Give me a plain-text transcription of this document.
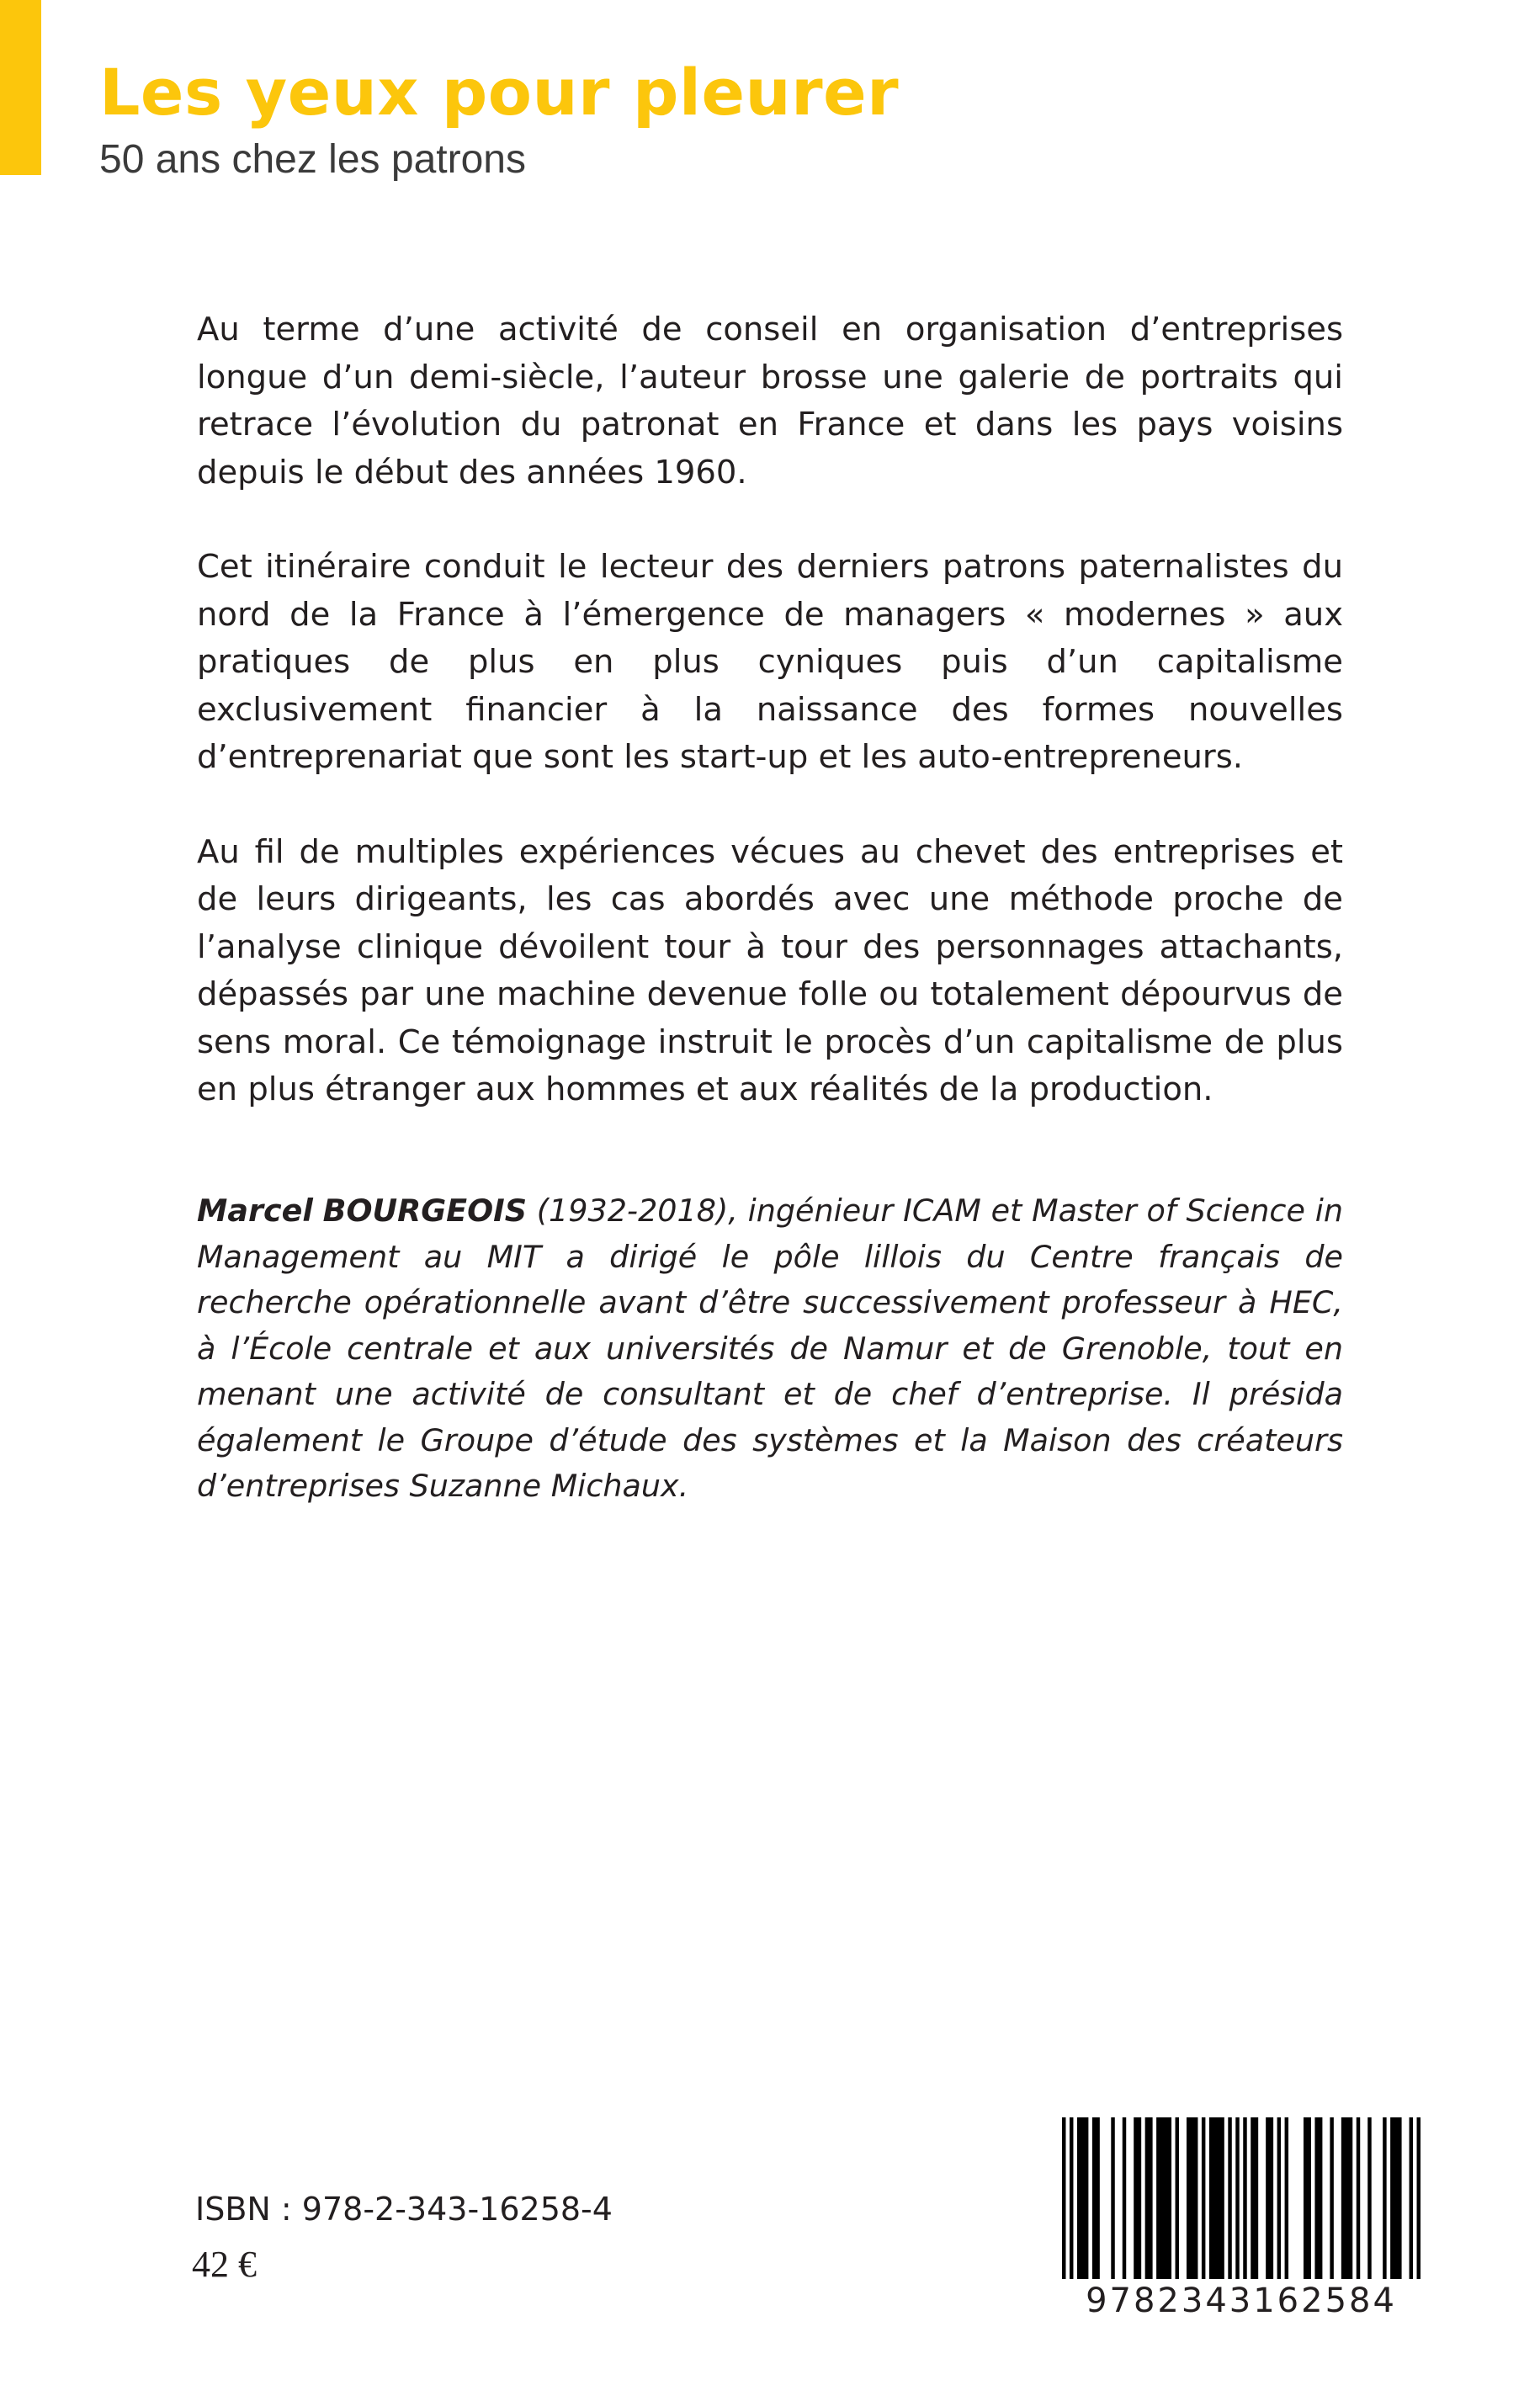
Les yeux pour pleurer
50 ans chez les patrons

Au terme d’une activité de conseil en organisation d’entreprises longue d’un demi-siècle, l’auteur brosse une galerie de portraits qui retrace l’évolution du patronat en France et dans les pays voisins depuis le début des années 1960.

Cet itinéraire conduit le lecteur des derniers patrons paternalistes du nord de la France à l’émergence de managers « modernes » aux pratiques de plus en plus cyniques puis d’un capitalisme exclusivement financier à la naissance des formes nouvelles d’entreprenariat que sont les start-up et les auto-entrepreneurs.

Au fil de multiples expériences vécues au chevet des entreprises et de leurs dirigeants, les cas abordés avec une méthode proche de l’analyse clinique dévoilent tour à tour des personnages attachants, dépassés par une machine devenue folle ou totalement dépourvus de sens moral. Ce témoignage instruit le procès d’un capitalisme de plus en plus étranger aux hommes et aux réalités de la production.

Marcel BOURGEOIS (1932-2018), ingénieur ICAM et Master of Science in Management au MIT a dirigé le pôle lillois du Centre français de recherche opérationnelle avant d’être successivement professeur à HEC, à l’École centrale et aux universités de Namur et de Grenoble, tout en menant une activité de consultant et de chef d’entreprise. Il présida également le Groupe d’étude des systèmes et la Maison des créateurs d’entreprises Suzanne Michaux.

ISBN : 978-2-343-16258-4

42 €

9782343162584
